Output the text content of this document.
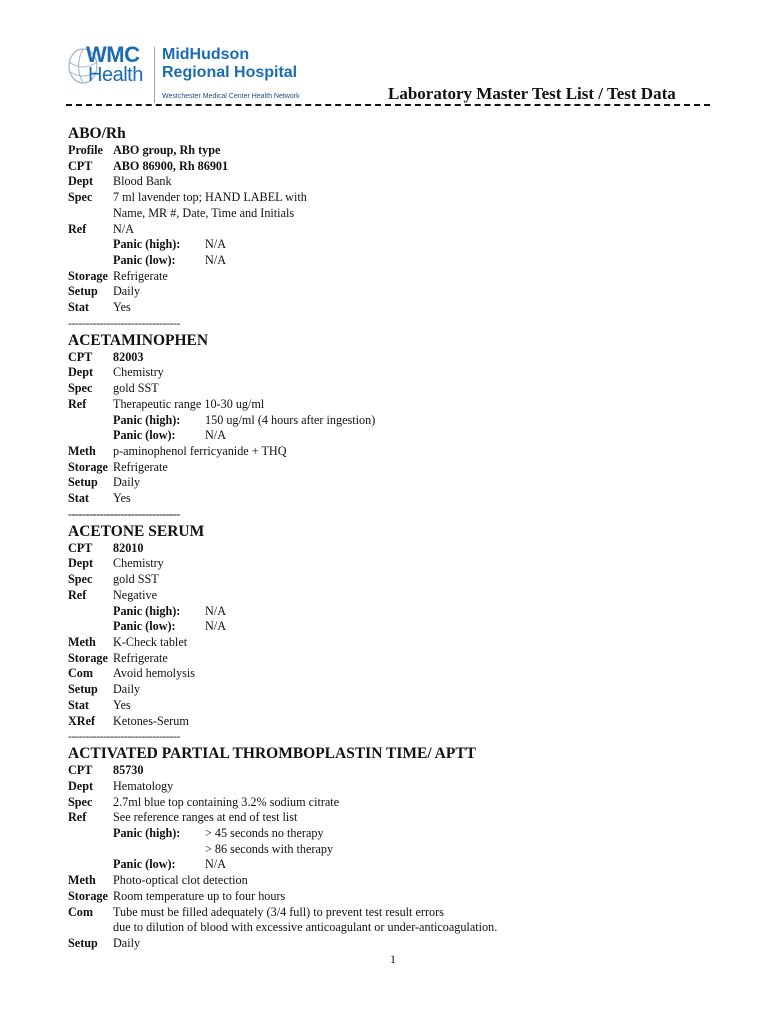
WMC
Health
MidHudson
Regional Hospital
Westchester Medical Center Health Network	Laboratory Master Test List / Test Data
ABO/Rh
Profile ABO group, Rh type
CPT	ABO 86900, Rh 86901
Dept	Blood Bank
Spec	7 ml lavender top; HAND LABEL with
Name, MR #, Date, Time and Initials
Ref	N/A
Panic (high):	N/A
Panic (low):	N/A
Storage Refrigerate
Setup	Daily
Stat	Yes
--------------------------------
ACETAMINOPHEN
CPT	82003
Dept	Chemistry
Spec	gold SST
Ref	Therapeutic range 10-30 ug/ml
Panic (high):	150 ug/ml (4 hours after ingestion)
Panic (low):	N/A
Meth	p-aminophenol ferricyanide + THQ
Storage Refrigerate
Setup	Daily
Stat	Yes
--------------------------------
ACETONE SERUM
CPT	82010
Dept	Chemistry
Spec	gold SST
Ref	Negative
Panic (high):	N/A
Panic (low):	N/A
Meth	K-Check tablet
Storage Refrigerate
Com	Avoid hemolysis
Setup	Daily
Stat	Yes
XRef	Ketones-Serum
--------------------------------
ACTIVATED PARTIAL THROMBOPLASTIN TIME/ APTT
CPT	85730
Dept	Hematology
Spec	2.7ml blue top containing 3.2% sodium citrate
Ref	See reference ranges at end of test list
Panic (high):	> 45 seconds no therapy
> 86 seconds with therapy
Panic (low):	N/A
Meth	Photo-optical clot detection
Storage Room temperature up to four hours
Com	Tube must be filled adequately (3/4 full) to prevent test result errors
due to dilution of blood with excessive anticoagulant or under-anticoagulation.
Setup	Daily
1
